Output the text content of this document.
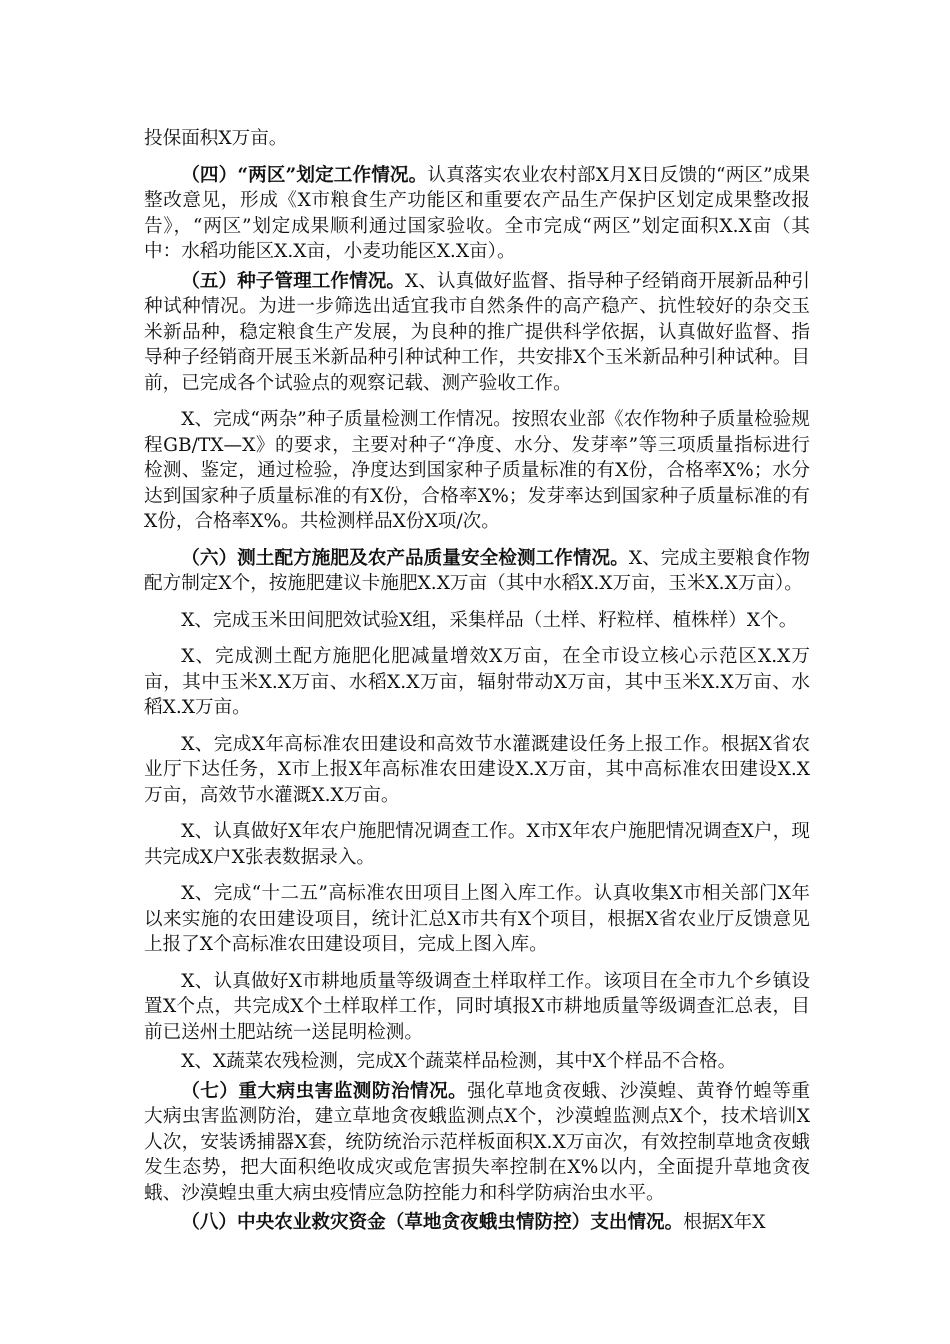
投保面积X万亩。

（四）“两区”划定工作情况。认真落实农业农村部X月X日反馈的“两区”成果整改意见，形成《X市粮食生产功能区和重要农产品生产保护区划定成果整改报告》，“两区”划定成果顺利通过国家验收。全市完成“两区”划定面积X.X亩（其中：水稻功能区X.X亩，小麦功能区X.X亩）。

（五）种子管理工作情况。X、认真做好监督、指导种子经销商开展新品种引种试种情况。为进一步筛选出适宜我市自然条件的高产稳产、抗性较好的杂交玉米新品种，稳定粮食生产发展，为良种的推广提供科学依据，认真做好监督、指导种子经销商开展玉米新品种引种试种工作，共安排X个玉米新品种引种试种。目前，已完成各个试验点的观察记载、测产验收工作。

X、完成“两杂”种子质量检测工作情况。按照农业部《农作物种子质量检验规程GB/TX—X》的要求，主要对种子“净度、水分、发芽率”等三项质量指标进行检测、鉴定，通过检验，净度达到国家种子质量标准的有X份，合格率X%；水分达到国家种子质量标准的有X份，合格率X%；发芽率达到国家种子质量标准的有X份，合格率X%。共检测样品X份X项/次。

（六）测土配方施肥及农产品质量安全检测工作情况。X、完成主要粮食作物配方制定X个，按施肥建议卡施肥X.X万亩（其中水稻X.X万亩，玉米X.X万亩）。

X、完成玉米田间肥效试验X组，采集样品（土样、籽粒样、植株样）X个。

X、完成测土配方施肥化肥减量增效X万亩，在全市设立核心示范区X.X万亩，其中玉米X.X万亩、水稻X.X万亩，辐射带动X万亩，其中玉米X.X万亩、水稻X.X万亩。

X、完成X年高标准农田建设和高效节水灌溉建设任务上报工作。根据X省农业厅下达任务，X市上报X年高标准农田建设X.X万亩，其中高标准农田建设X.X万亩，高效节水灌溉X.X万亩。

X、认真做好X年农户施肥情况调查工作。X市X年农户施肥情况调查X户，现共完成X户X张表数据录入。

X、完成“十二五”高标准农田项目上图入库工作。认真收集X市相关部门X年以来实施的农田建设项目，统计汇总X市共有X个项目，根据X省农业厅反馈意见上报了X个高标准农田建设项目，完成上图入库。

X、认真做好X市耕地质量等级调查土样取样工作。该项目在全市九个乡镇设置X个点，共完成X个土样取样工作，同时填报X市耕地质量等级调查汇总表，目前已送州土肥站统一送昆明检测。

X、X蔬菜农残检测，完成X个蔬菜样品检测，其中X个样品不合格。

（七）重大病虫害监测防治情况。强化草地贪夜蛾、沙漠蝗、黄脊竹蝗等重大病虫害监测防治，建立草地贪夜蛾监测点X个，沙漠蝗监测点X个，技术培训X人次，安装诱捕器X套，统防统治示范样板面积X.X万亩次，有效控制草地贪夜蛾发生态势，把大面积绝收成灾或危害损失率控制在X%以内，全面提升草地贪夜蛾、沙漠蝗虫重大病虫疫情应急防控能力和科学防病治虫水平。

（八）中央农业救灾资金（草地贪夜蛾虫情防控）支出情况。根据X年X
